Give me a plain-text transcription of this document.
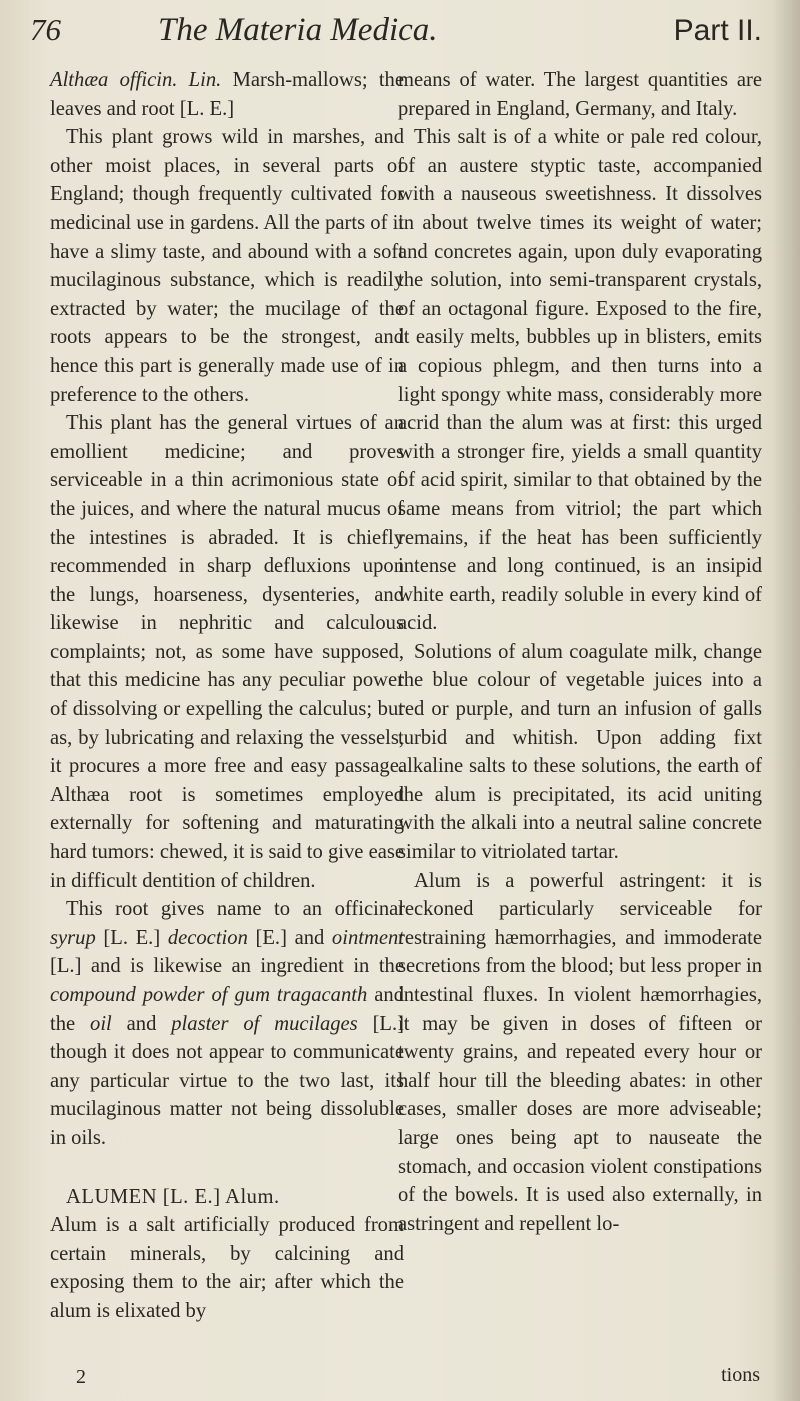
76	The Materia Medica.	Part II.

Althæa officin. Lin. Marsh-mallows; the leaves and root [L. E.]

This plant grows wild in marshes, and other moist places, in several parts of England; though frequently cultivated for medicinal use in gardens. All the parts of it have a slimy taste, and abound with a soft mucilaginous substance, which is readily extracted by water; the mucilage of the roots appears to be the strongest, and hence this part is generally made use of in preference to the others.

This plant has the general virtues of an emollient medicine; and proves serviceable in a thin acrimonious state of the juices, and where the natural mucus of the intestines is abraded. It is chiefly recommended in sharp defluxions upon the lungs, hoarseness, dysenteries, and likewise in nephritic and calculous complaints; not, as some have supposed, that this medicine has any peculiar power of dissolving or expelling the calculus; but as, by lubricating and relaxing the vessels, it procures a more free and easy passage. Althæa root is sometimes employed externally for softening and maturating hard tumors: chewed, it is said to give ease in difficult dentition of children.

This root gives name to an officinal syrup [L. E.] decoction [E.] and ointment [L.] and is likewise an ingredient in the compound powder of gum tragacanth and the oil and plaster of mucilages [L.] though it does not appear to communicate any particular virtue to the two last, its mucilaginous matter not being dissoluble in oils.

ALUMEN [L. E.] Alum.

Alum is a salt artificially produced from certain minerals, by calcining and exposing them to the air; after which the alum is elixated by

means of water. The largest quantities are prepared in England, Germany, and Italy.

This salt is of a white or pale red colour, of an austere styptic taste, accompanied with a nauseous sweetishness. It dissolves in about twelve times its weight of water; and concretes again, upon duly evaporating the solution, into semi-transparent crystals, of an octagonal figure. Exposed to the fire, it easily melts, bubbles up in blisters, emits a copious phlegm, and then turns into a light spongy white mass, considerably more acrid than the alum was at first: this urged with a stronger fire, yields a small quantity of acid spirit, similar to that obtained by the same means from vitriol; the part which remains, if the heat has been sufficiently intense and long continued, is an insipid white earth, readily soluble in every kind of acid.

Solutions of alum coagulate milk, change the blue colour of vegetable juices into a red or purple, and turn an infusion of galls turbid and whitish. Upon adding fixt alkaline salts to these solutions, the earth of the alum is precipitated, its acid uniting with the alkali into a neutral saline concrete similar to vitriolated tartar.

Alum is a powerful astringent: it is reckoned particularly serviceable for restraining hæmorrhagies, and immoderate secretions from the blood; but less proper in intestinal fluxes. In violent hæmorrhagies, it may be given in doses of fifteen or twenty grains, and repeated every hour or half hour till the bleeding abates: in other cases, smaller doses are more adviseable; large ones being apt to nauseate the stomach, and occasion violent constipations of the bowels. It is used also externally, in astringent and repellent lo-

2	tions
